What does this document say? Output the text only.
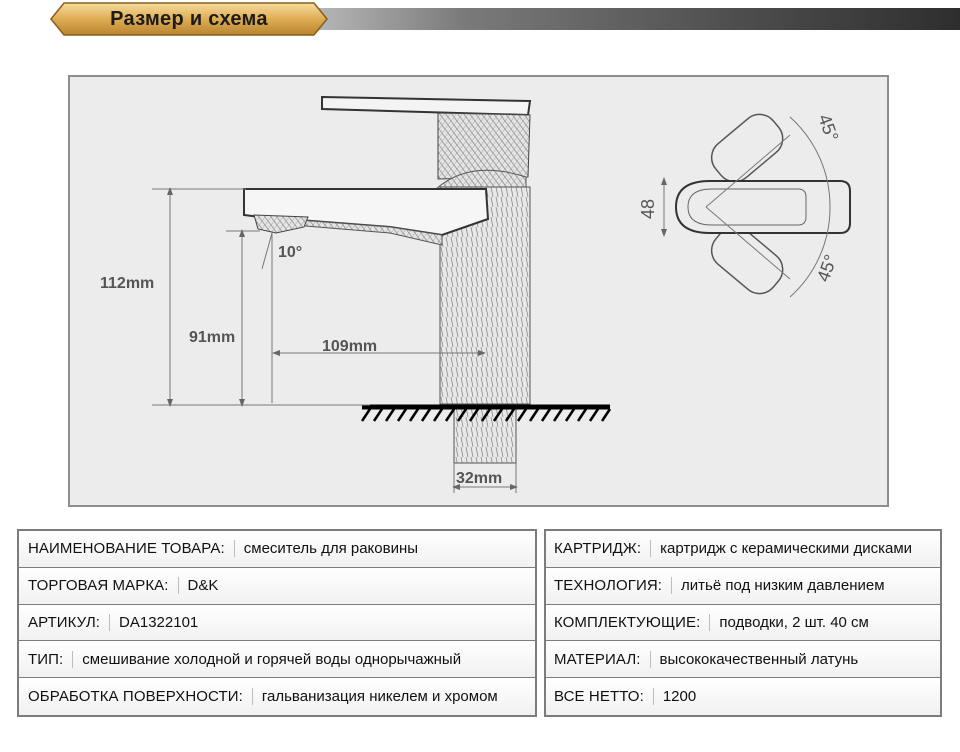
Размер и схема
112mm
91mm
109mm
32mm
10°
48
45°
45°
НАИМЕНОВАНИЕ ТОВАРА:	смеситель для раковины
ТОРГОВАЯ МАРКА:	D&K
АРТИКУЛ:	DA1322101
ТИП:	смешивание холодной и горячей воды однорычажный
ОБРАБОТКА ПОВЕРХНОСТИ:	гальванизация никелем и хромом
КАРТРИДЖ:	картридж с керамическими дисками
ТЕХНОЛОГИЯ:	литьё под низким давлением
КОМПЛЕКТУЮЩИЕ:	подводки, 2 шт. 40 см
МАТЕРИАЛ:	высококачественный латунь
ВСЕ НЕТТО:	1200
